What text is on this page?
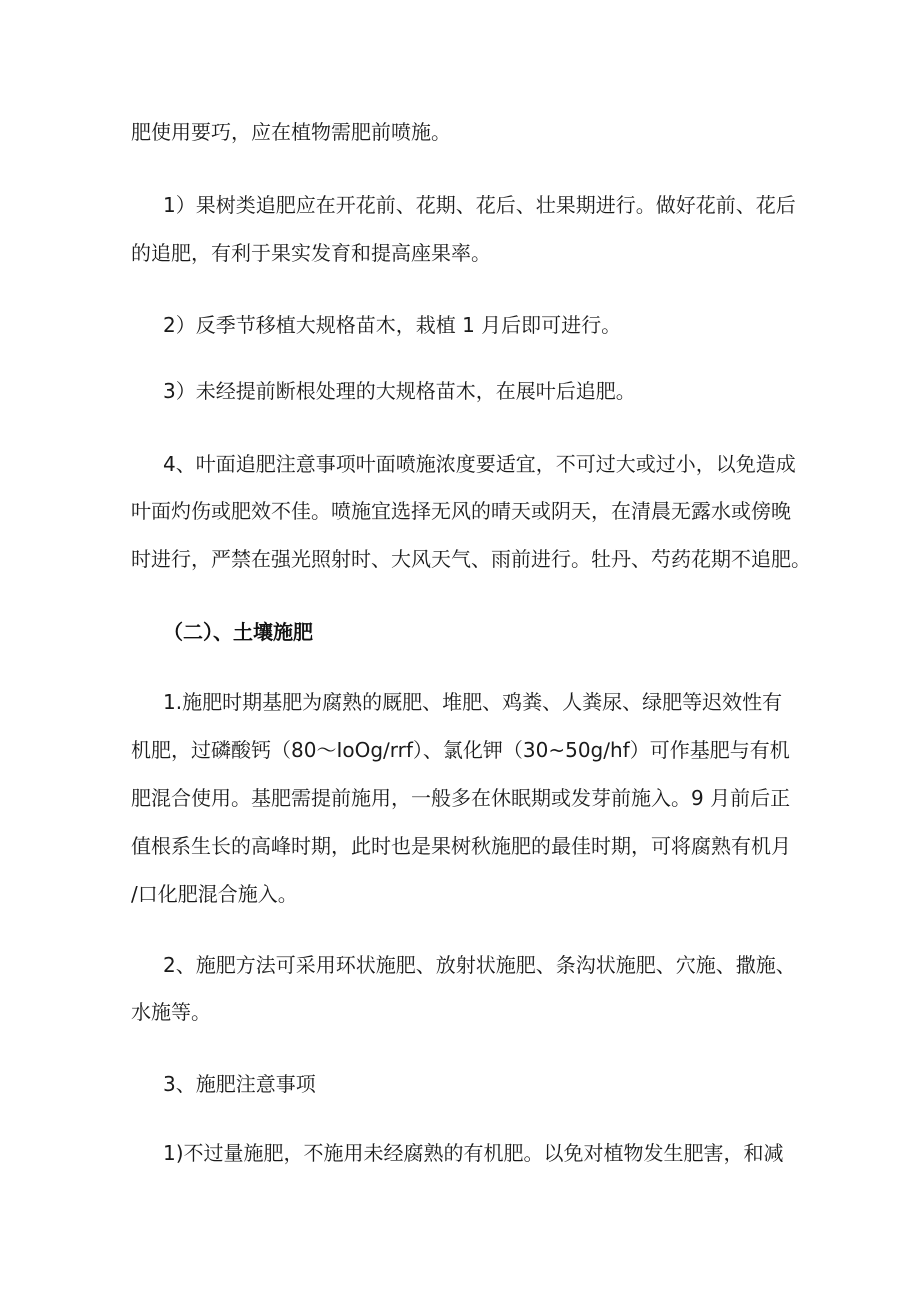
肥使用要巧，应在植物需肥前喷施。
1）果树类追肥应在开花前、花期、花后、壮果期进行。做好花前、花后
的追肥，有利于果实发育和提高座果率。
2）反季节移植大规格苗木，栽植 1 月后即可进行。
3）未经提前断根处理的大规格苗木，在展叶后追肥。
4、叶面追肥注意事项叶面喷施浓度要适宜，不可过大或过小，以免造成
叶面灼伤或肥效不佳。喷施宜选择无风的晴天或阴天，在清晨无露水或傍晚
时进行，严禁在强光照射时、大风天气、雨前进行。牡丹、芍药花期不追肥。
（二）、土壤施肥
1.施肥时期基肥为腐熟的厩肥、堆肥、鸡粪、人粪尿、绿肥等迟效性有
机肥，过磷酸钙（80～IoOg∕rrf）、氯化钾（30~50g∕hf）可作基肥与有机
肥混合使用。基肥需提前施用，一般多在休眠期或发芽前施入。9 月前后正
值根系生长的高峰时期，此时也是果树秋施肥的最佳时期，可将腐熟有机月
/口化肥混合施入。
2、施肥方法可采用环状施肥、放射状施肥、条沟状施肥、穴施、撒施、
水施等。
3、施肥注意事项
1)不过量施肥，不施用未经腐熟的有机肥。以免对植物发生肥害，和减
